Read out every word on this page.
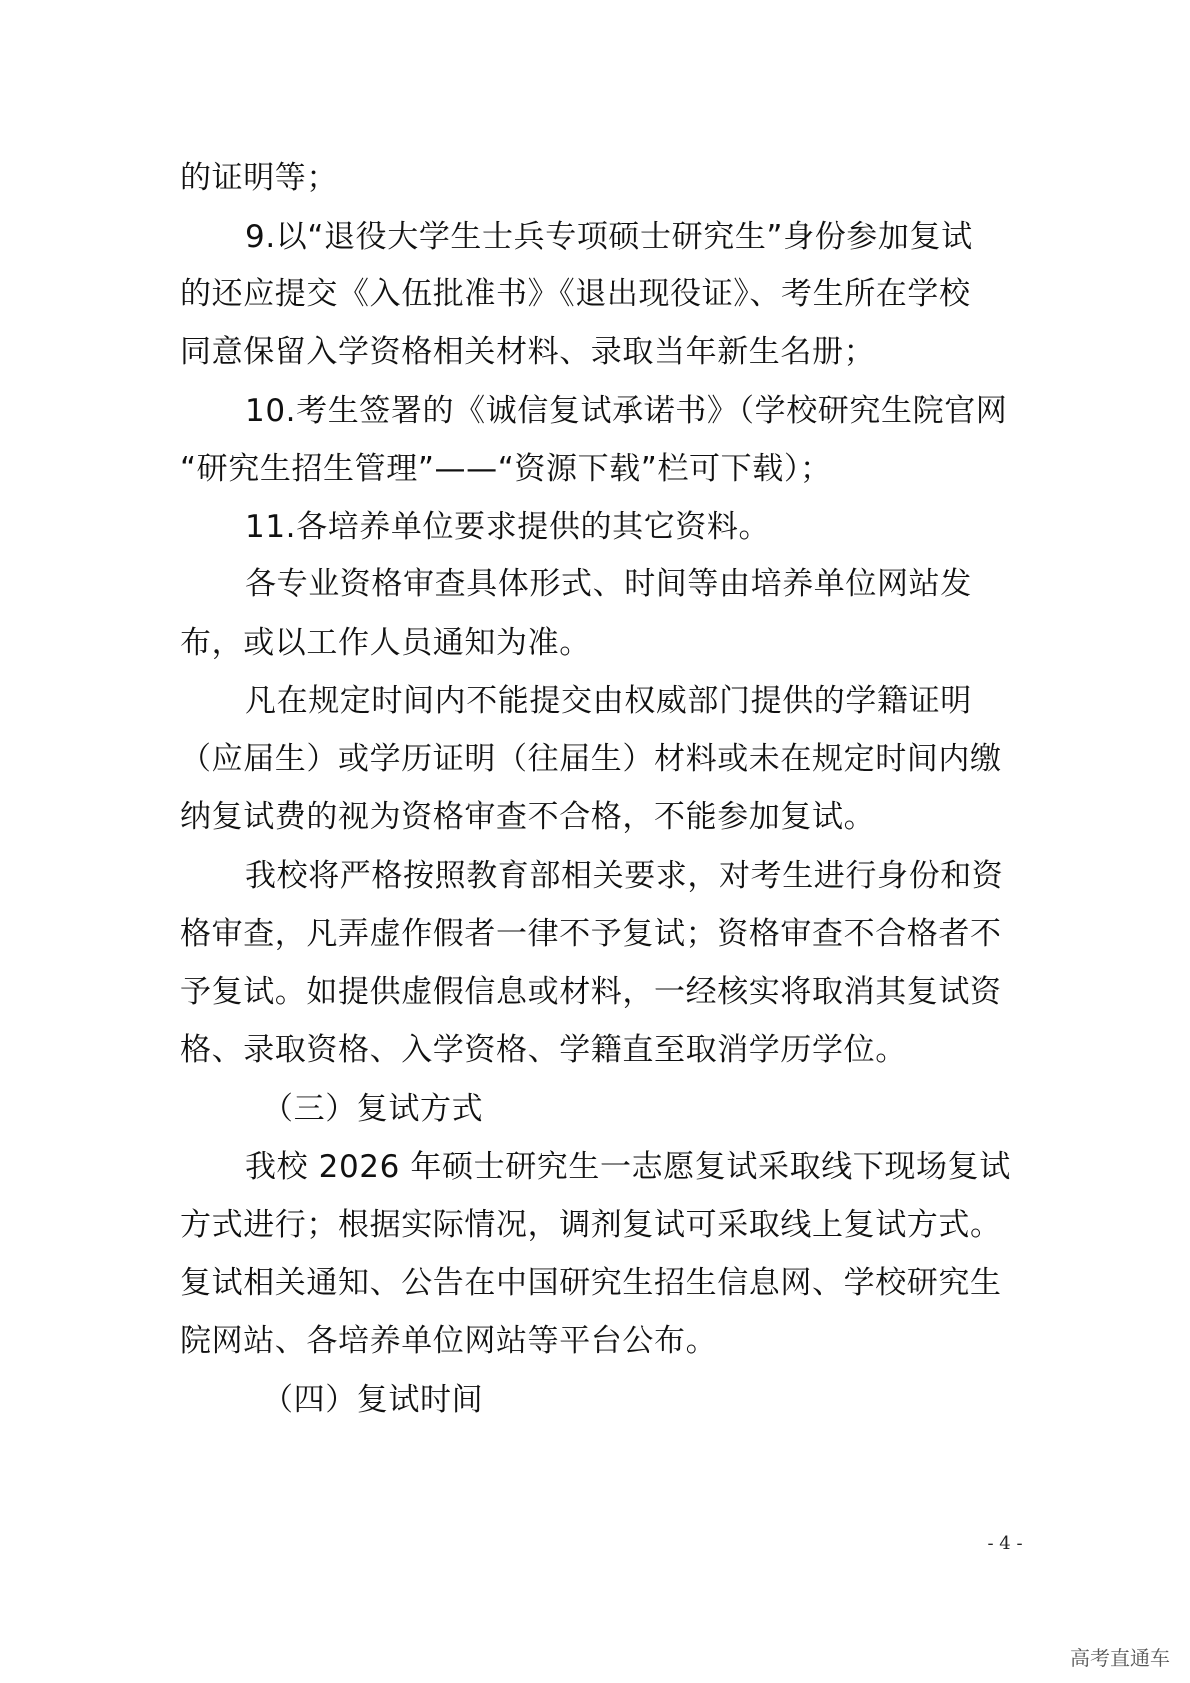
的证明等；
9.以“退役大学生士兵专项硕士研究生”身份参加复试
的还应提交《入伍批准书》《退出现役证》、考生所在学校
同意保留入学资格相关材料、录取当年新生名册；
10.考生签署的《诚信复试承诺书》（学校研究生院官网
“研究生招生管理”——“资源下载”栏可下载）；
11.各培养单位要求提供的其它资料。
各专业资格审查具体形式、时间等由培养单位网站发
布，或以工作人员通知为准。
凡在规定时间内不能提交由权威部门提供的学籍证明
（应届生）或学历证明（往届生）材料或未在规定时间内缴
纳复试费的视为资格审查不合格，不能参加复试。
我校将严格按照教育部相关要求，对考生进行身份和资
格审查，凡弄虚作假者一律不予复试；资格审查不合格者不
予复试。如提供虚假信息或材料，一经核实将取消其复试资
格、录取资格、入学资格、学籍直至取消学历学位。
（三）复试方式
我校 2026 年硕士研究生一志愿复试采取线下现场复试
方式进行；根据实际情况，调剂复试可采取线上复试方式。
复试相关通知、公告在中国研究生招生信息网、学校研究生
院网站、各培养单位网站等平台公布。
（四）复试时间
- 4 -
高考直通车
